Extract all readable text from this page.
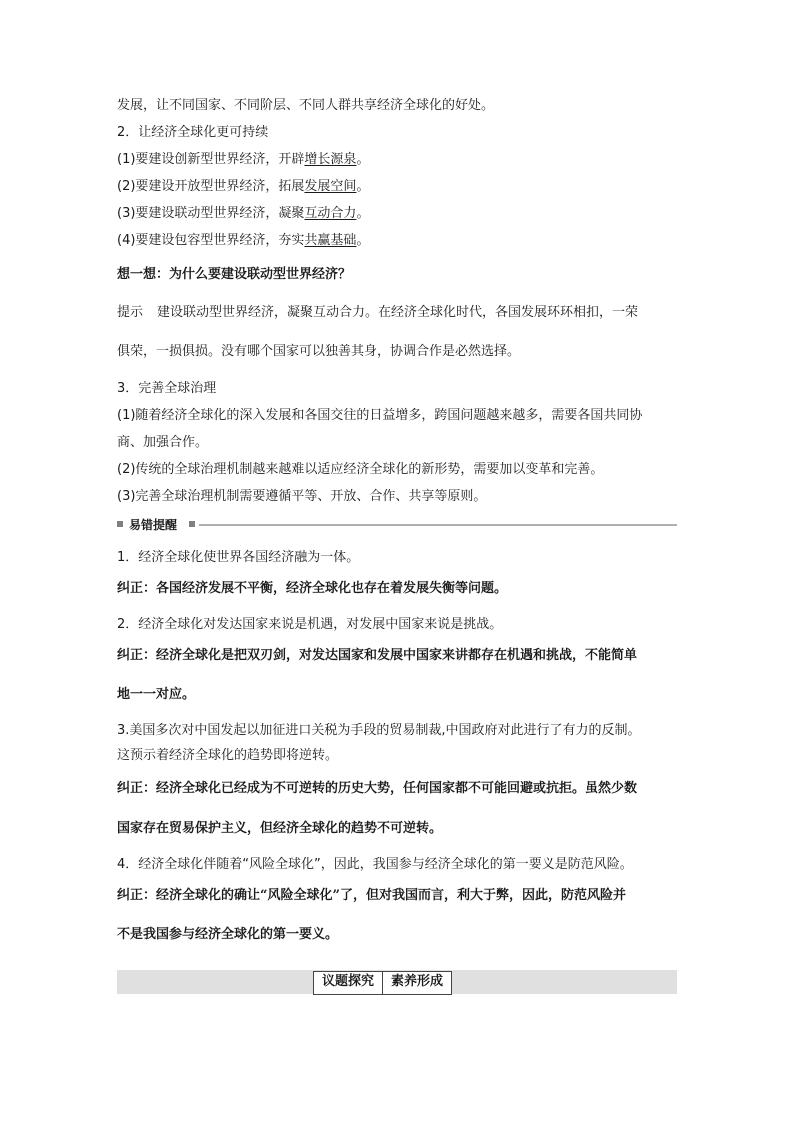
发展，让不同国家、不同阶层、不同人群共享经济全球化的好处。
2．让经济全球化更可持续
(1)要建设创新型世界经济，开辟增长源泉。
(2)要建设开放型世界经济，拓展发展空间。
(3)要建设联动型世界经济，凝聚互动合力。
(4)要建设包容型世界经济，夯实共赢基础。
想一想：为什么要建设联动型世界经济？
提示 建设联动型世界经济，凝聚互动合力。在经济全球化时代，各国发展环环相扣，一荣
俱荣，一损俱损。没有哪个国家可以独善其身，协调合作是必然选择。
3．完善全球治理
(1)随着经济全球化的深入发展和各国交往的日益增多，跨国问题越来越多，需要各国共同协
商、加强合作。
(2)传统的全球治理机制越来越难以适应经济全球化的新形势，需要加以变革和完善。
(3)完善全球治理机制需要遵循平等、开放、合作、共享等原则。
易错提醒
1．经济全球化使世界各国经济融为一体。
纠正：各国经济发展不平衡，经济全球化也存在着发展失衡等问题。
2．经济全球化对发达国家来说是机遇，对发展中国家来说是挑战。
纠正：经济全球化是把双刃剑，对发达国家和发展中国家来讲都存在机遇和挑战，不能简单
地一一对应。
3.美国多次对中国发起以加征进口关税为手段的贸易制裁,中国政府对此进行了有力的反制。
这预示着经济全球化的趋势即将逆转。
纠正：经济全球化已经成为不可逆转的历史大势，任何国家都不可能回避或抗拒。虽然少数
国家存在贸易保护主义，但经济全球化的趋势不可逆转。
4．经济全球化伴随着“风险全球化”，因此，我国参与经济全球化的第一要义是防范风险。
纠正：经济全球化的确让“风险全球化”了，但对我国而言，利大于弊，因此，防范风险并
不是我国参与经济全球化的第一要义。
议题探究	素养形成
